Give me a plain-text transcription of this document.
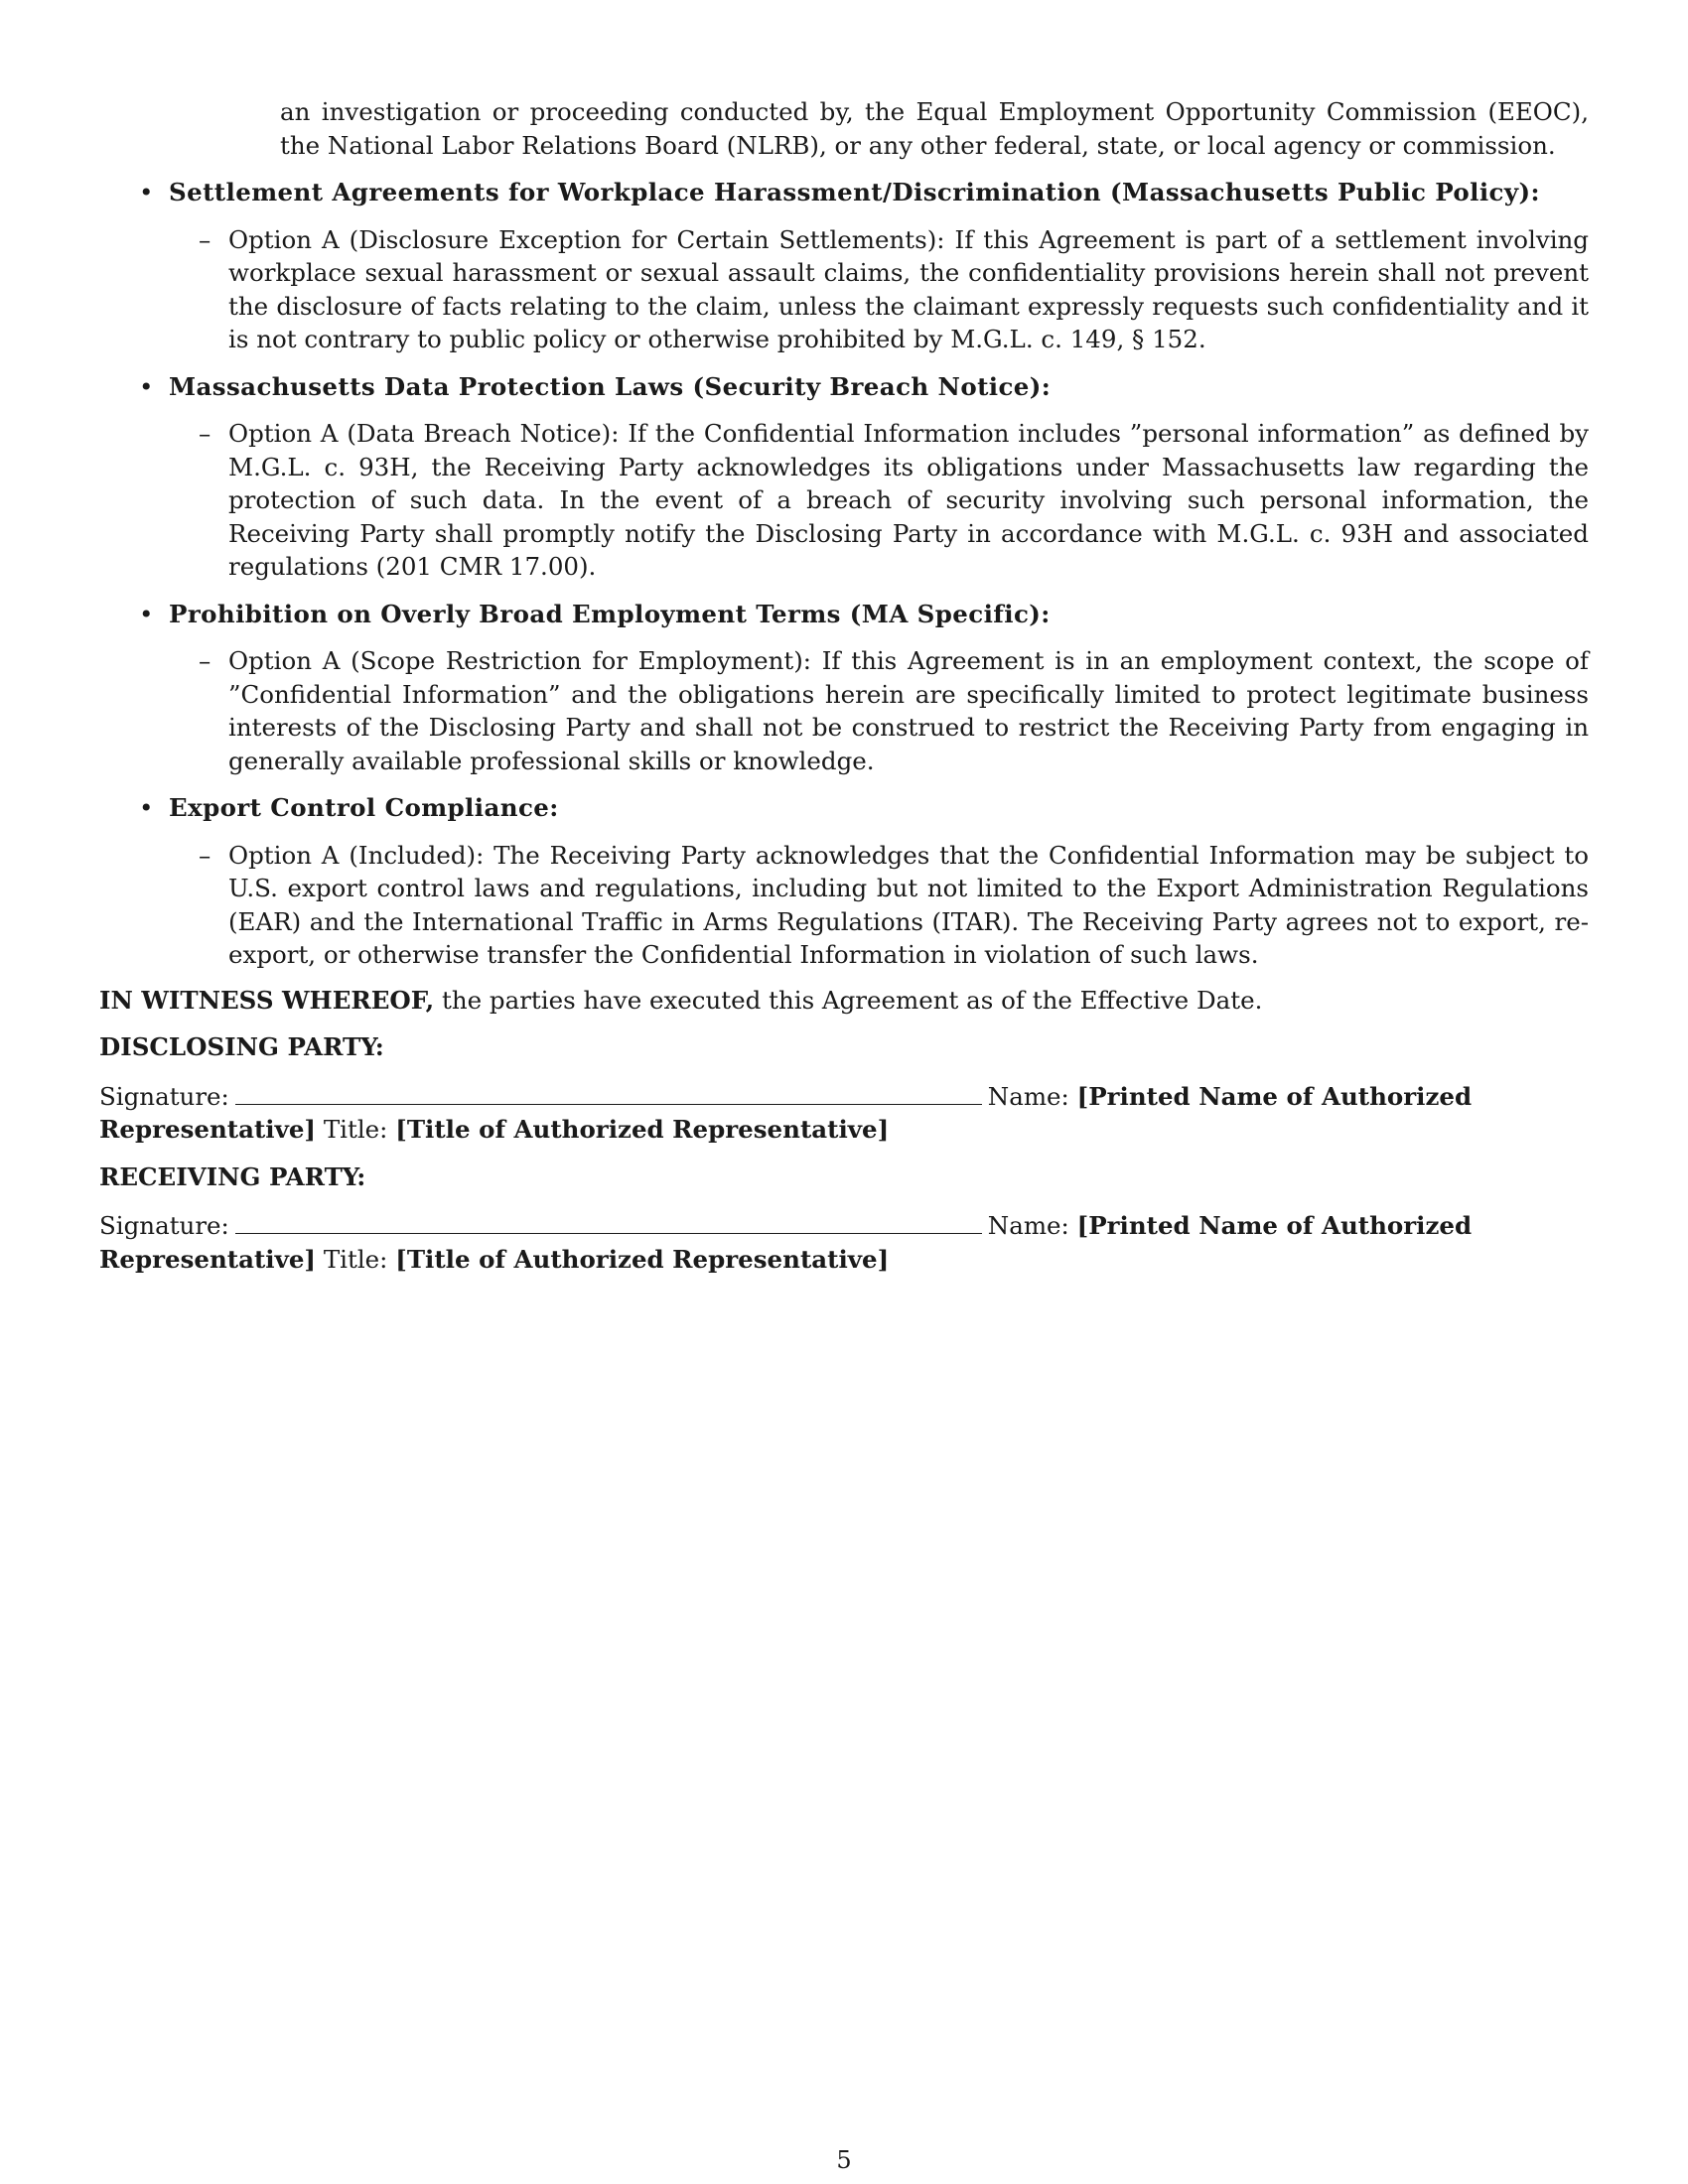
an investigation or proceeding conducted by, the Equal Employment Opportunity Commission (EEOC), the National Labor Relations Board (NLRB), or any other federal, state, or local agency or commission.
• Settlement Agreements for Workplace Harassment/Discrimination (Massachusetts Public Policy):
– Option A (Disclosure Exception for Certain Settlements): If this Agreement is part of a settlement involving workplace sexual harassment or sexual assault claims, the confidentiality provisions herein shall not prevent the disclosure of facts relating to the claim, unless the claimant expressly requests such confidentiality and it is not contrary to public policy or otherwise prohibited by M.G.L. c. 149, § 152.
• Massachusetts Data Protection Laws (Security Breach Notice):
– Option A (Data Breach Notice): If the Confidential Information includes ”personal information” as defined by M.G.L. c. 93H, the Receiving Party acknowledges its obligations under Massachusetts law regarding the protection of such data. In the event of a breach of security involving such personal information, the Receiving Party shall promptly notify the Disclosing Party in accordance with M.G.L. c. 93H and associated regulations (201 CMR 17.00).
• Prohibition on Overly Broad Employment Terms (MA Specific):
– Option A (Scope Restriction for Employment): If this Agreement is in an employment context, the scope of ”Confidential Information” and the obligations herein are specifically limited to protect legitimate business interests of the Disclosing Party and shall not be construed to restrict the Receiving Party from engaging in generally available professional skills or knowledge.
• Export Control Compliance:
– Option A (Included): The Receiving Party acknowledges that the Confidential Information may be subject to U.S. export control laws and regulations, including but not limited to the Export Administration Regulations (EAR) and the International Traffic in Arms Regulations (ITAR). The Receiving Party agrees not to export, re-export, or otherwise transfer the Confidential Information in violation of such laws.
IN WITNESS WHEREOF, the parties have executed this Agreement as of the Effective Date.
DISCLOSING PARTY:
Signature:	Name: [Printed Name of Authorized Representative] Title: [Title of Authorized Representative]
RECEIVING PARTY:
Signature:	Name: [Printed Name of Authorized Representative] Title: [Title of Authorized Representative]
5
